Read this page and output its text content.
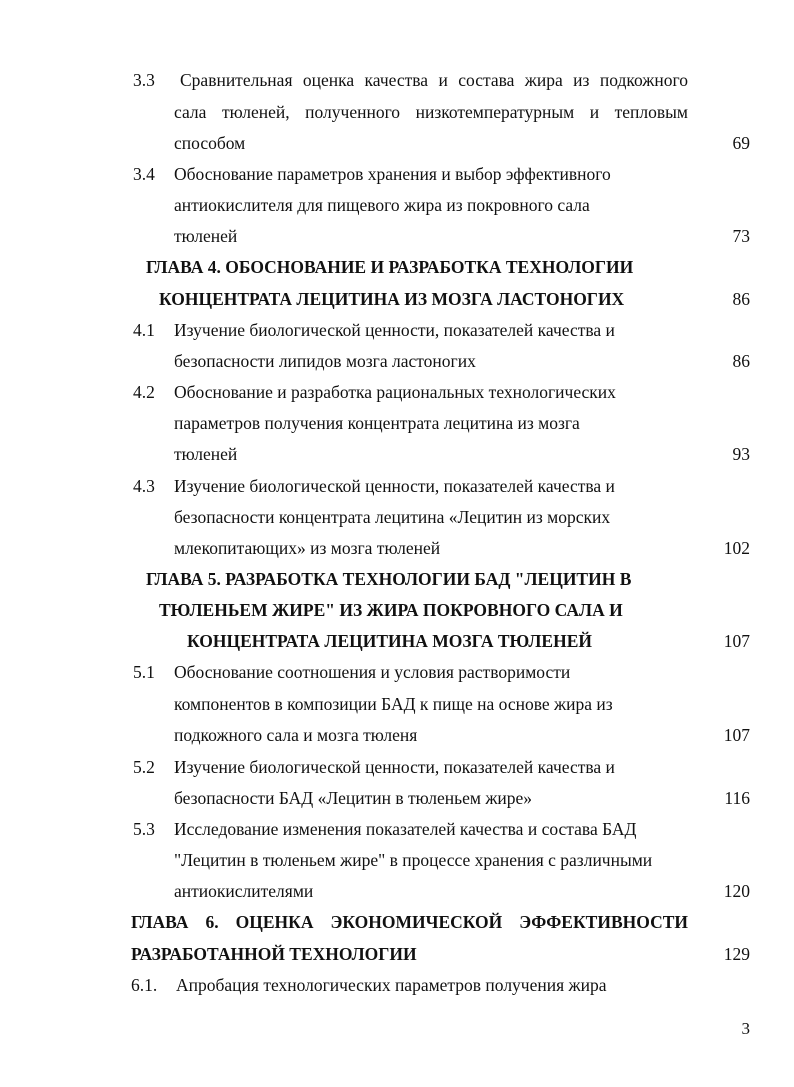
3.3 Сравнительная оценка качества и состава жира из подкожного
сала тюленей, полученного низкотемпературным и тепловым
способом	69
3.4 Обоснование параметров хранения и выбор эффективного
антиокислителя для пищевого жира из покровного сала
тюленей	73
ГЛАВА 4. ОБОСНОВАНИЕ И РАЗРАБОТКА ТЕХНОЛОГИИ
КОНЦЕНТРАТА ЛЕЦИТИНА ИЗ МОЗГА ЛАСТОНОГИХ	86
4.1 Изучение биологической ценности, показателей качества и
безопасности липидов мозга ластоногих	86
4.2 Обоснование и разработка рациональных технологических
параметров получения концентрата лецитина из мозга
тюленей	93
4.3 Изучение биологической ценности, показателей качества и
безопасности концентрата лецитина «Лецитин из морских
млекопитающих» из мозга тюленей	102
ГЛАВА 5. РАЗРАБОТКА ТЕХНОЛОГИИ БАД "ЛЕЦИТИН В
ТЮЛЕНЬЕМ ЖИРЕ" ИЗ ЖИРА ПОКРОВНОГО САЛА И
КОНЦЕНТРАТА ЛЕЦИТИНА МОЗГА ТЮЛЕНЕЙ	107
5.1 Обоснование соотношения и условия растворимости
компонентов в композиции БАД к пище на основе жира из
подкожного сала и мозга тюленя	107
5.2 Изучение биологической ценности, показателей качества и
безопасности БАД «Лецитин в тюленьем жире»	116
5.3 Исследование изменения показателей качества и состава БАД
"Лецитин в тюленьем жире" в процессе хранения с различными
антиокислителями	120
ГЛАВА 6. ОЦЕНКА ЭКОНОМИЧЕСКОЙ ЭФФЕКТИВНОСТИ
РАЗРАБОТАННОЙ ТЕХНОЛОГИИ	129
6.1. Апробация технологических параметров получения жира
3
